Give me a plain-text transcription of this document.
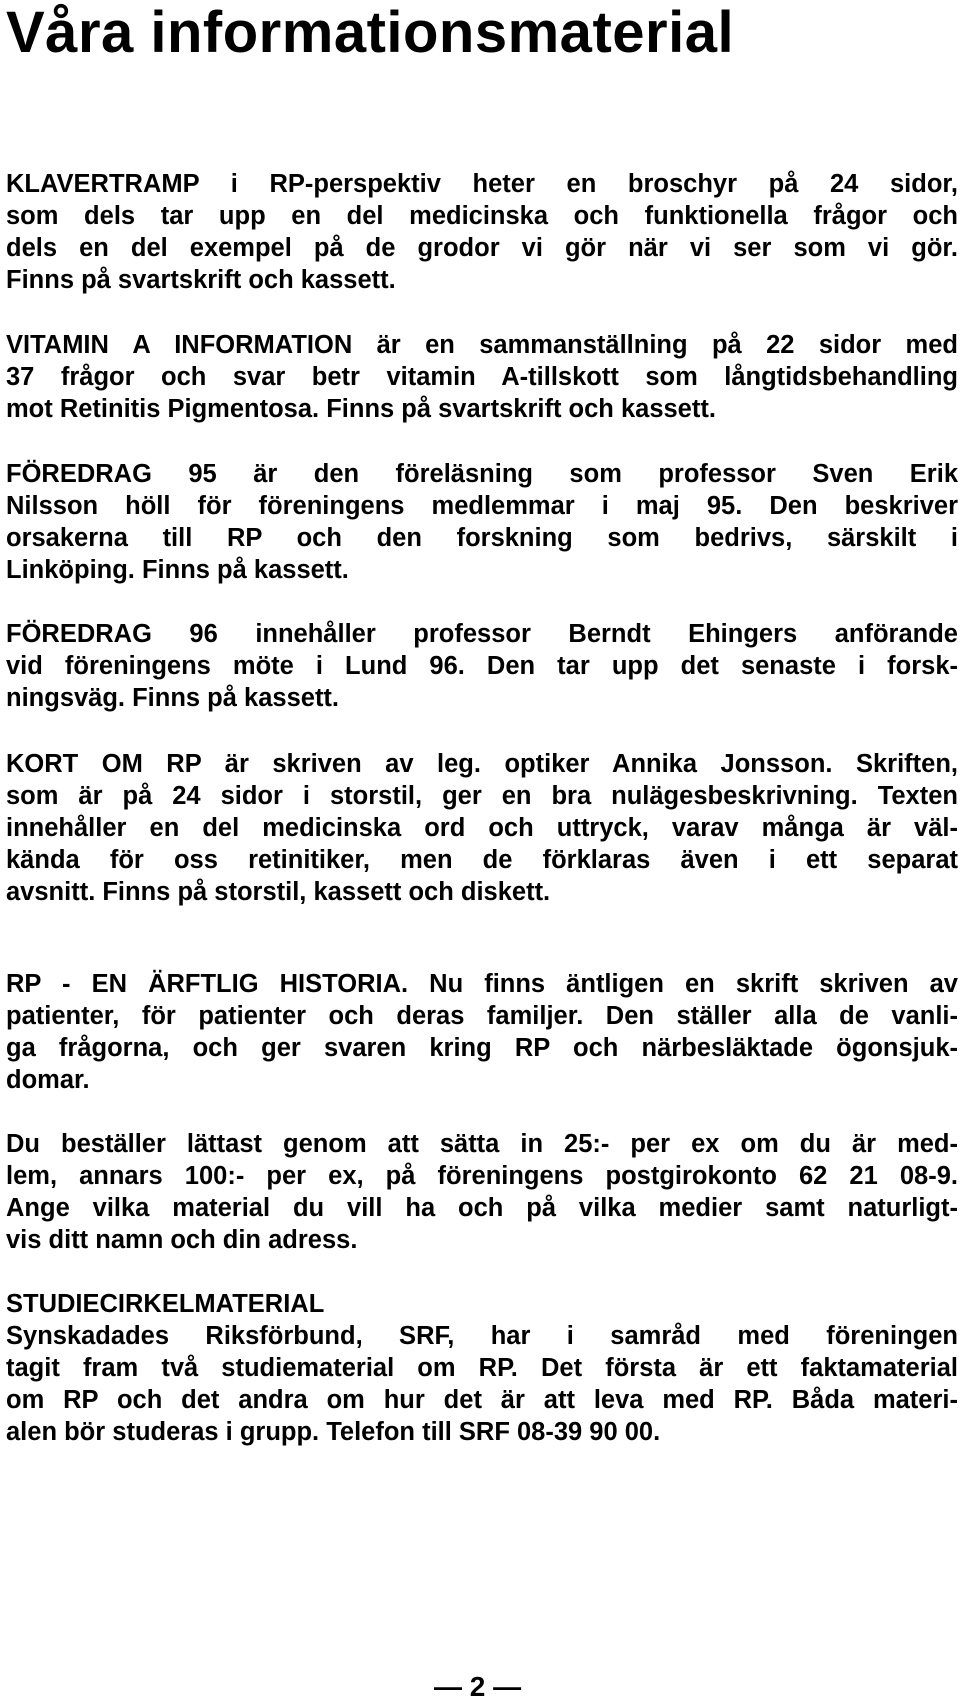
Våra informationsmaterial
KLAVERTRAMP i RP-perspektiv heter en broschyr på 24 sidor,
som dels tar upp en del medicinska och funktionella frågor och
dels en del exempel på de grodor vi gör när vi ser som vi gör.
Finns på svartskrift och kassett.
VITAMIN A INFORMATION är en sammanställning på 22 sidor med
37 frågor och svar betr vitamin A-tillskott som långtidsbehandling
mot Retinitis Pigmentosa. Finns på svartskrift och kassett.
FÖREDRAG 95 är den föreläsning som professor Sven Erik
Nilsson höll för föreningens medlemmar i maj 95. Den beskriver
orsakerna till RP och den forskning som bedrivs, särskilt i
Linköping. Finns på kassett.
FÖREDRAG 96 innehåller professor Berndt Ehingers anförande
vid föreningens möte i Lund 96. Den tar upp det senaste i forsk-
ningsväg. Finns på kassett.
KORT OM RP är skriven av leg. optiker Annika Jonsson. Skriften,
som är på 24 sidor i storstil, ger en bra nulägesbeskrivning. Texten
innehåller en del medicinska ord och uttryck, varav många är väl-
kända för oss retinitiker, men de förklaras även i ett separat
avsnitt. Finns på storstil, kassett och diskett.
RP - EN ÄRFTLIG HISTORIA. Nu finns äntligen en skrift skriven av
patienter, för patienter och deras familjer. Den ställer alla de vanli-
ga frågorna, och ger svaren kring RP och närbesläktade ögonsjuk-
domar.
Du beställer lättast genom att sätta in 25:- per ex om du är med-
lem, annars 100:- per ex, på föreningens postgirokonto 62 21 08-9.
Ange vilka material du vill ha och på vilka medier samt naturligt-
vis ditt namn och din adress.
STUDIECIRKELMATERIAL
Synskadades Riksförbund, SRF, har i samråd med föreningen
tagit fram två studiematerial om RP. Det första är ett faktamaterial
om RP och det andra om hur det är att leva med RP. Båda materi-
alen bör studeras i grupp. Telefon till SRF 08-39 90 00.
— 2 —
